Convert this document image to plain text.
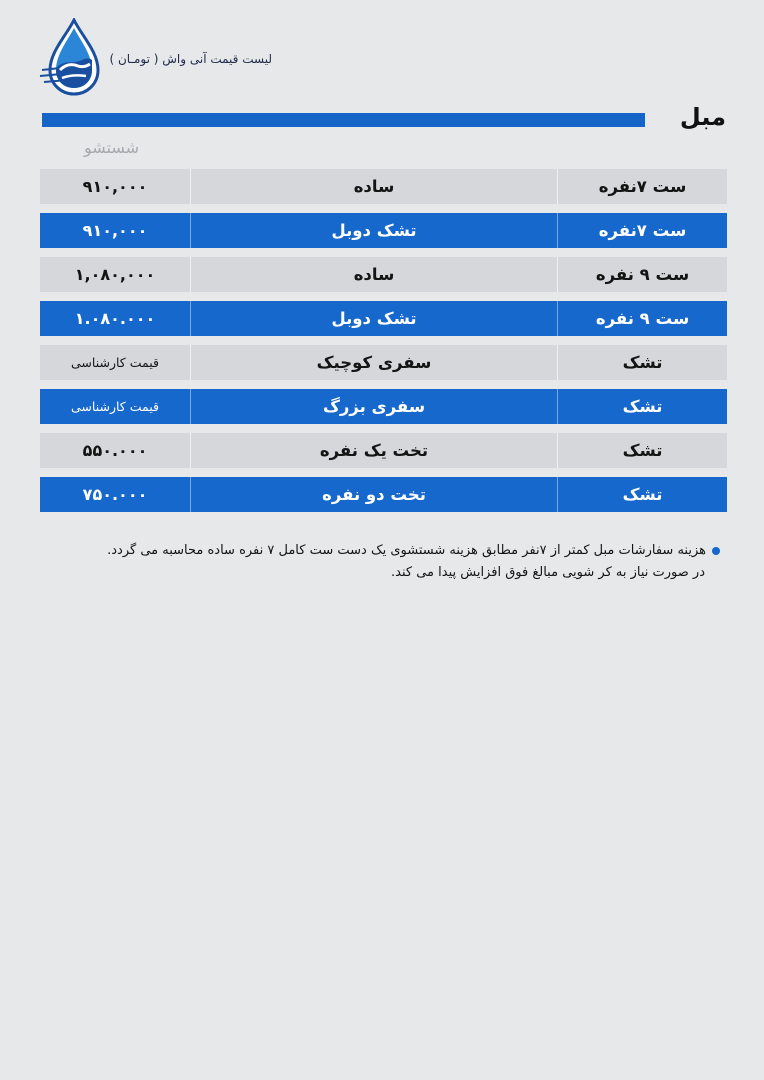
لیست قیمت آنی واش ( تومـان )
مبل
شستشو
۹۱۰,۰۰۰	ساده	ست ۷نفره
۹۱۰,۰۰۰	تشک دوبل	ست ۷نفره
۱,۰۸۰,۰۰۰	ساده	ست ۹ نفره
۱.۰۸۰.۰۰۰	تشک دوبل	ست ۹ نفره
قیمت کارشناسی	سفری کوچیک	تشک
قیمت کارشناسی	سفری بزرگ	تشک
۵۵۰.۰۰۰	تخت یک نفره	تشک
۷۵۰.۰۰۰	تخت دو نفره	تشک
هزینه سفارشات مبل کمتر از ۷نفر مطابق هزینه شستشوی یک دست ست کامل ۷ نفره ساده محاسبه می گردد.
در صورت نیاز به کر شویی مبالغ فوق افزایش پیدا می کند.
